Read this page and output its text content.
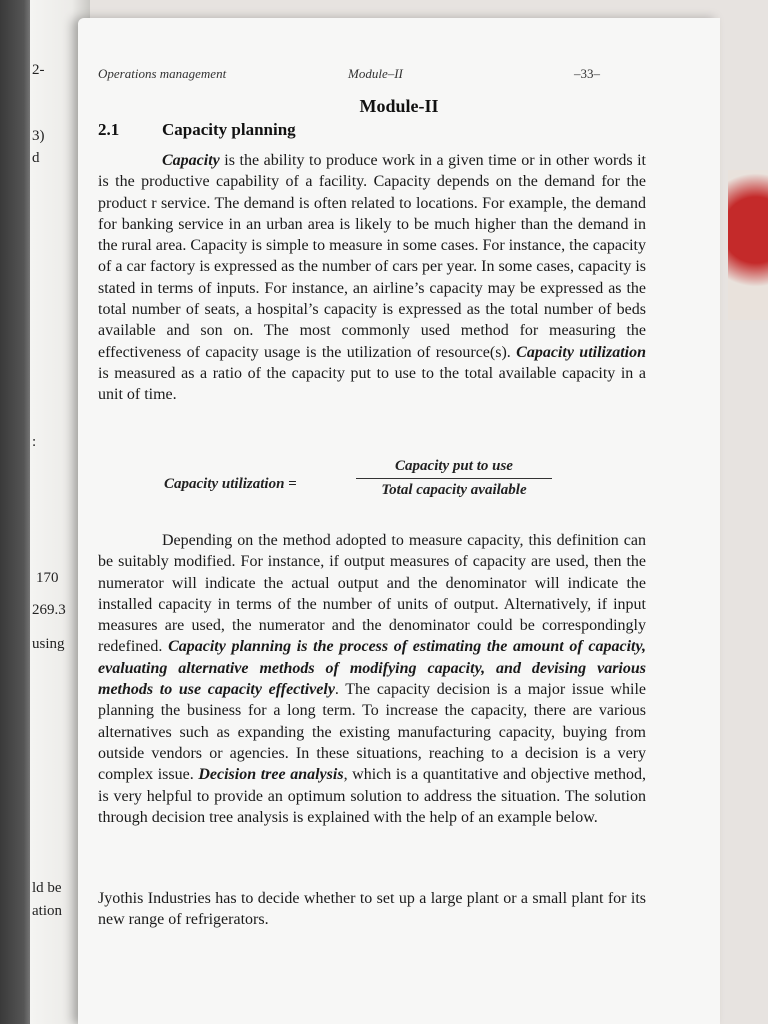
2-
3)
d
:
170
269.3
using
ld be
ation
Operations management	Module–II	–33–
Module-II
2.1	Capacity planning
Capacity is the ability to produce work in a given time or in other words it is the productive capability of a facility. Capacity depends on the demand for the product r service. The demand is often related to locations. For example, the demand for banking service in an urban area is likely to be much higher than the demand in the rural area. Capacity is simple to measure in some cases. For instance, the capacity of a car factory is expressed as the number of cars per year. In some cases, capacity is stated in terms of inputs. For instance, an airline’s capacity may be expressed as the total number of seats, a hospital’s capacity is expressed as the total number of beds available and son on. The most commonly used method for measuring the effectiveness of capacity usage is the utilization of resource(s). Capacity utilization is measured as a ratio of the capacity put to use to the total available capacity in a unit of time.
Capacity utilization =
Capacity put to use
Total capacity available
Depending on the method adopted to measure capacity, this definition can be suitably modified. For instance, if output measures of capacity are used, then the numerator will indicate the actual output and the denominator will indicate the installed capacity in terms of the number of units of output. Alternatively, if input measures are used, the numerator and the denominator could be correspondingly redefined. Capacity planning is the process of estimating the amount of capacity, evaluating alternative methods of modifying capacity, and devising various methods to use capacity effectively. The capacity decision is a major issue while planning the business for a long term. To increase the capacity, there are various alternatives such as expanding the existing manufacturing capacity, buying from outside vendors or agencies. In these situations, reaching to a decision is a very complex issue. Decision tree analysis, which is a quantitative and objective method, is very helpful to provide an optimum solution to address the situation. The solution through decision tree analysis is explained with the help of an example below.
Jyothis Industries has to decide whether to set up a large plant or a small plant for its new range of refrigerators.
